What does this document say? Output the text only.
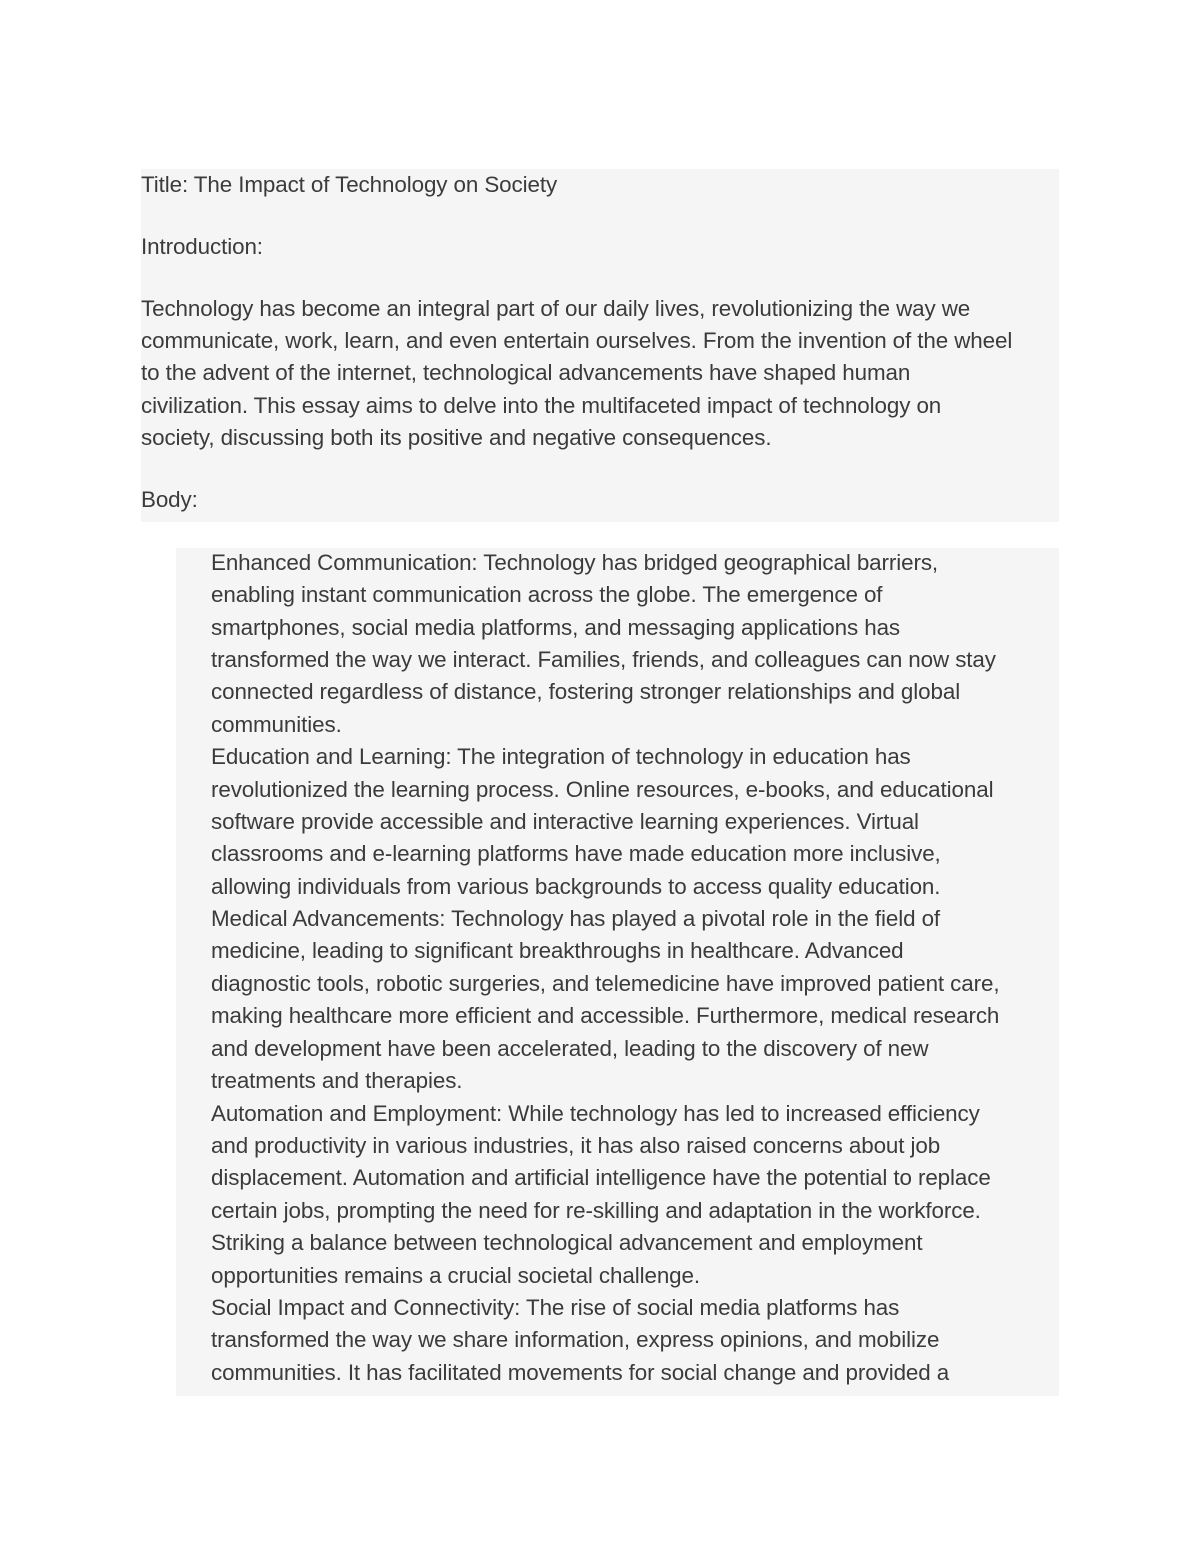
Title: The Impact of Technology on Society
Introduction:
Technology has become an integral part of our daily lives, revolutionizing the way we
communicate, work, learn, and even entertain ourselves. From the invention of the wheel
to the advent of the internet, technological advancements have shaped human
civilization. This essay aims to delve into the multifaceted impact of technology on
society, discussing both its positive and negative consequences.
Body:
Enhanced Communication: Technology has bridged geographical barriers,
enabling instant communication across the globe. The emergence of
smartphones, social media platforms, and messaging applications has
transformed the way we interact. Families, friends, and colleagues can now stay
connected regardless of distance, fostering stronger relationships and global
communities.
Education and Learning: The integration of technology in education has
revolutionized the learning process. Online resources, e-books, and educational
software provide accessible and interactive learning experiences. Virtual
classrooms and e-learning platforms have made education more inclusive,
allowing individuals from various backgrounds to access quality education.
Medical Advancements: Technology has played a pivotal role in the field of
medicine, leading to significant breakthroughs in healthcare. Advanced
diagnostic tools, robotic surgeries, and telemedicine have improved patient care,
making healthcare more efficient and accessible. Furthermore, medical research
and development have been accelerated, leading to the discovery of new
treatments and therapies.
Automation and Employment: While technology has led to increased efficiency
and productivity in various industries, it has also raised concerns about job
displacement. Automation and artificial intelligence have the potential to replace
certain jobs, prompting the need for re-skilling and adaptation in the workforce.
Striking a balance between technological advancement and employment
opportunities remains a crucial societal challenge.
Social Impact and Connectivity: The rise of social media platforms has
transformed the way we share information, express opinions, and mobilize
communities. It has facilitated movements for social change and provided a
